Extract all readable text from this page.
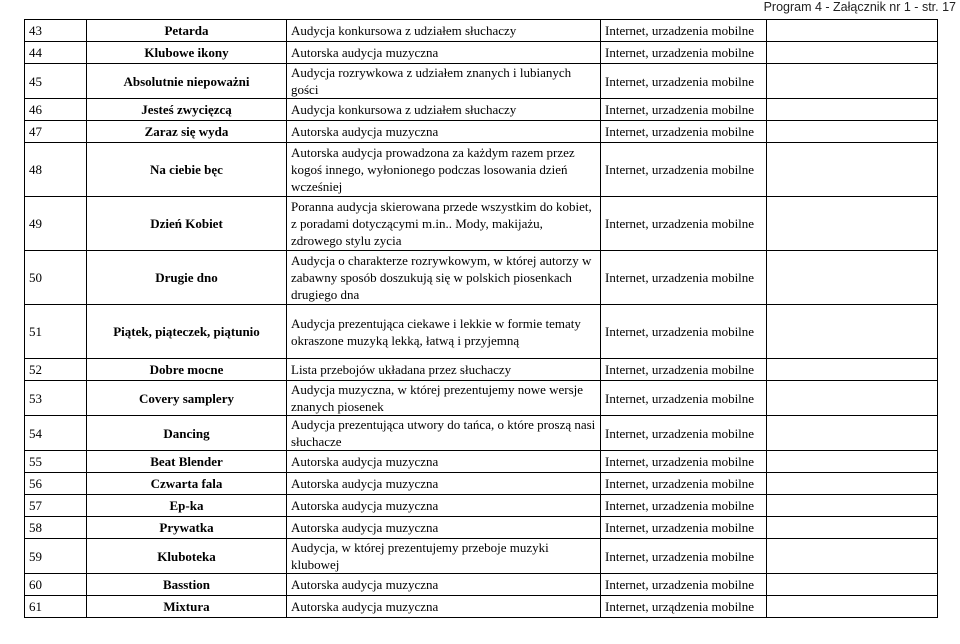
Program 4 - Załącznik nr 1 - str. 17
43	Petarda	Audycja konkursowa z udziałem słuchaczy	Internet, urzadzenia mobilne	
44	Klubowe ikony	Autorska audycja muzyczna	Internet, urzadzenia mobilne	
45	Absolutnie niepoważni	Audycja rozrywkowa z udziałem znanych i lubianych gości	Internet, urzadzenia mobilne	
46	Jesteś zwycięzcą	Audycja konkursowa z udziałem słuchaczy	Internet, urzadzenia mobilne	
47	Zaraz się wyda	Autorska audycja muzyczna	Internet, urzadzenia mobilne	
48	Na ciebie bęc	Autorska audycja prowadzona za każdym razem przez kogoś innego, wyłonionego podczas losowania dzień wcześniej	Internet, urzadzenia mobilne	
49	Dzień Kobiet	Poranna audycja skierowana przede wszystkim do kobiet, z poradami dotyczącymi m.in.. Mody, makijażu, zdrowego stylu zycia	Internet, urzadzenia mobilne	
50	Drugie dno	Audycja o charakterze rozrywkowym, w której autorzy w zabawny sposób doszukują się w polskich piosenkach drugiego dna	Internet, urzadzenia mobilne	
51	Piątek, piąteczek, piątunio	Audycja prezentująca ciekawe i lekkie w formie tematy okraszone muzyką lekką, łatwą i przyjemną	Internet, urzadzenia mobilne	
52	Dobre mocne	Lista przebojów układana przez słuchaczy	Internet, urzadzenia mobilne	
53	Covery samplery	Audycja muzyczna, w której prezentujemy nowe wersje znanych piosenek	Internet, urzadzenia mobilne	
54	Dancing	Audycja prezentująca utwory do tańca, o które proszą nasi słuchacze	Internet, urzadzenia mobilne	
55	Beat Blender	Autorska audycja muzyczna	Internet, urzadzenia mobilne	
56	Czwarta fala	Autorska audycja muzyczna	Internet, urzadzenia mobilne	
57	Ep-ka	Autorska audycja muzyczna	Internet, urzadzenia mobilne	
58	Prywatka	Autorska audycja muzyczna	Internet, urzadzenia mobilne	
59	Kluboteka	Audycja, w której prezentujemy przeboje muzyki klubowej	Internet, urzadzenia mobilne	
60	Basstion	Autorska audycja muzyczna	Internet, urzadzenia mobilne	
61	Mixtura	Autorska audycja muzyczna	Internet, urządzenia mobilne	
